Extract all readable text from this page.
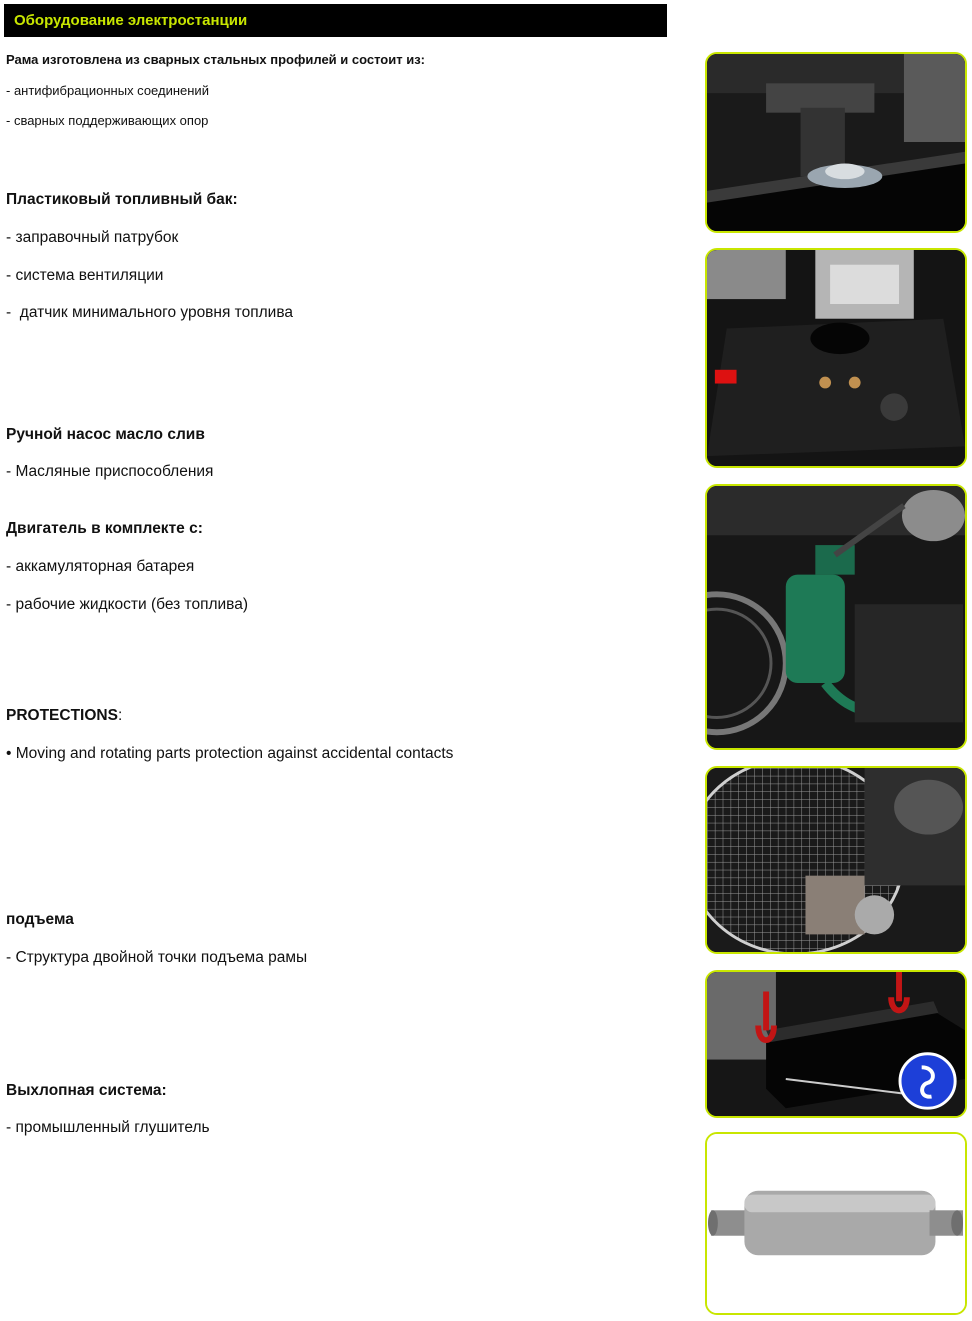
Оборудование электростанции
Рама изготовлена из сварных стальных профилей и состоит из:
- антифибрационных соединений
- сварных поддерживающих опор
Пластиковый топливный бак:
- заправочный патрубок
- система вентиляции
-  датчик минимального уровня топлива
Ручной насос масло слив
- Масляные приспособления
Двигатель в комплекте с:
- аккамуляторная батарея
- рабочие жидкости (без топлива)
PROTECTIONS:
• Moving and rotating parts protection against accidental contacts
подъема
- Структура двойной точки подъема рамы
Выхлопная система:
- промышленный глушитель
